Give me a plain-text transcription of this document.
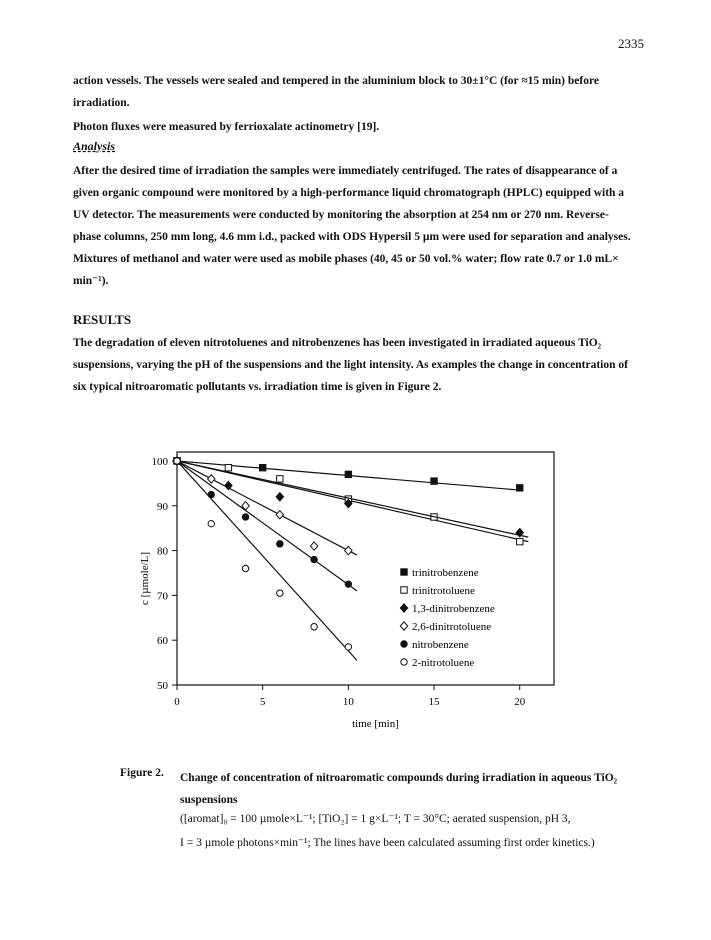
2335

action vessels. The vessels were sealed and tempered in the aluminium block to 30±1°C (for ≈15 min) before irradiation.

Photon fluxes were measured by ferrioxalate actinometry [19].

Analysis

After the desired time of irradiation the samples were immediately centrifuged. The rates of disappearance of a given organic compound were monitored by a high-performance liquid chromatograph (HPLC) equipped with a UV detector. The measurements were conducted by monitoring the absorption at 254 nm or 270 nm. Reverse-phase columns, 250 mm long, 4.6 mm i.d., packed with ODS Hypersil 5 µm were used for separation and analyses. Mixtures of methanol and water were used as mobile phases (40, 45 or 50 vol.% water; flow rate 0.7 or 1.0 mL× min⁻¹).

RESULTS

The degradation of eleven nitrotoluenes and nitrobenzenes has been investigated in irradiated aqueous TiO₂ suspensions, varying the pH of the suspensions and the light intensity. As examples the change in concentration of six typical nitroaromatic pollutants vs. irradiation time is given in Figure 2.

0	5	10	15	20
50
60
70
80
90
100
time [min]
c [µmole/L]	trinitrobenzene
trinitrotoluene
1,3-dinitrobenzene
2,6-dinitrotoluene
nitrobenzene
2-nitrotoluene
Figure 2.	Change of concentration of nitroaromatic compounds during irradiation in aqueous TiO₂ suspensions
([aromat]₀ = 100 µmole×L⁻¹; [TiO₂] = 1 g×L⁻¹; T = 30°C; aerated suspension, pH 3,
I = 3 µmole photons×min⁻¹; The lines have been calculated assuming first order kinetics.)
